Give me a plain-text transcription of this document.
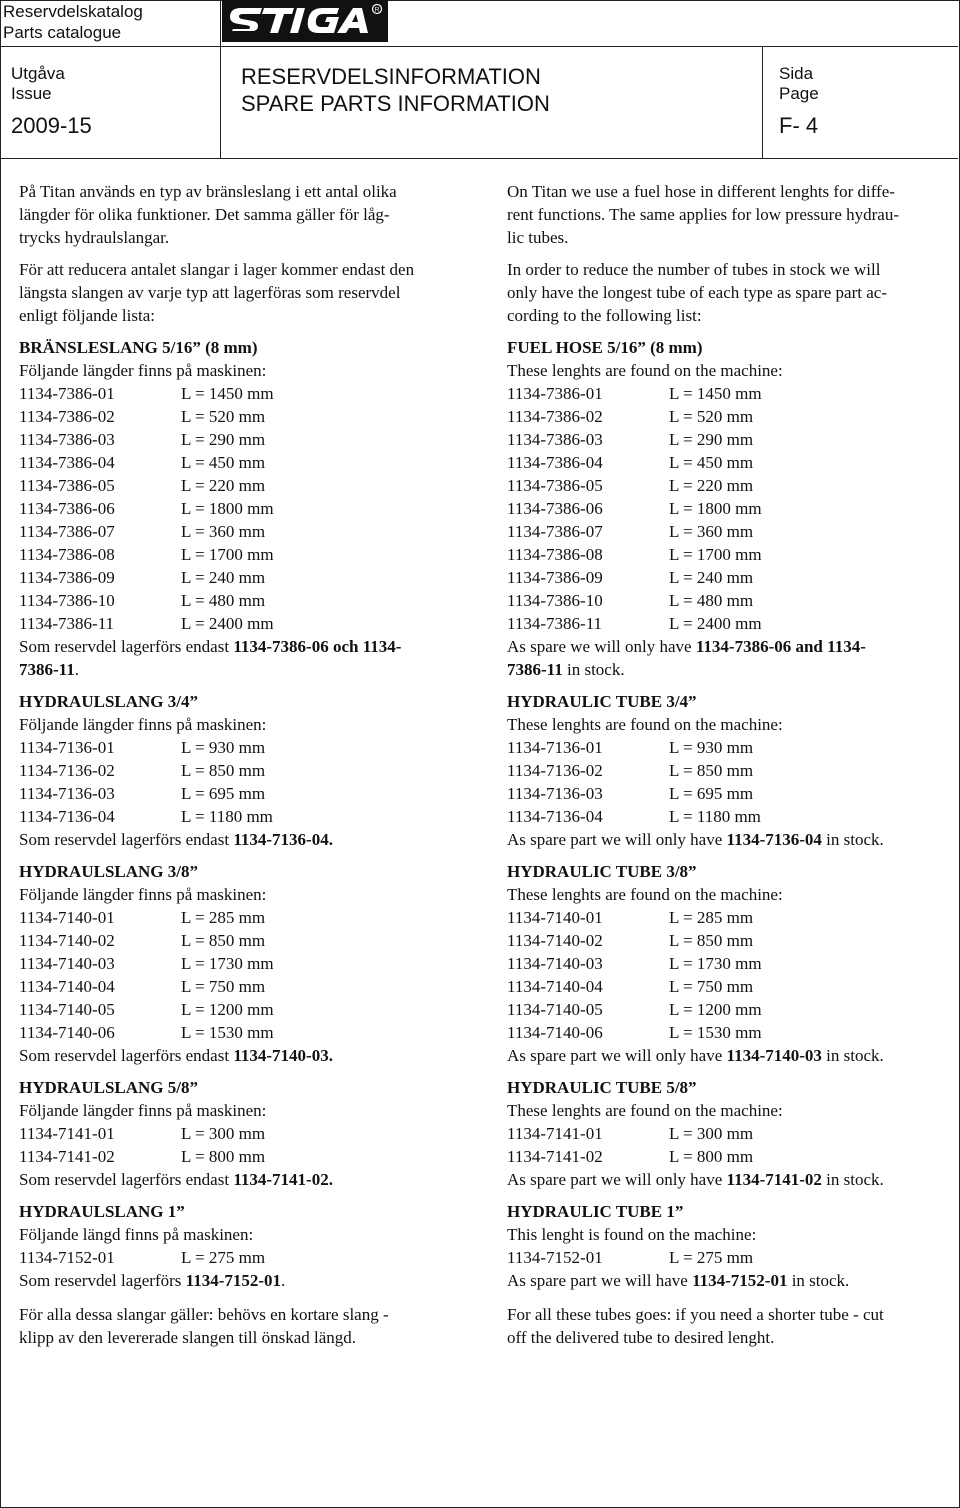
Reservdelskatalog
Parts catalogue
R
Utgåva
Issue
2009-15
RESERVDELSINFORMATION
SPARE PARTS INFORMATION
Sida
Page
F- 4

På Titan används en typ av bränsleslang i ett antal olika

längder för olika funktioner. Det samma gäller för låg-

trycks hydraulslangar.

För att reducera antalet slangar i lager kommer endast den

längsta slangen av varje typ att lagerföras som reservdel

enligt följande lista:

BRÄNSLESLANG 5/16” (8 mm)

Följande längder finns på maskinen:

1134-7386-01	L = 1450 mm
1134-7386-02	L = 520 mm
1134-7386-03	L = 290 mm
1134-7386-04	L = 450 mm
1134-7386-05	L = 220 mm
1134-7386-06	L = 1800 mm
1134-7386-07	L = 360 mm
1134-7386-08	L = 1700 mm
1134-7386-09	L = 240 mm
1134-7386-10	L = 480 mm
1134-7386-11	L = 2400 mm

Som reservdel lagerförs endast 1134-7386-06 och 1134-

7386-11.

HYDRAULSLANG 3/4”

Följande längder finns på maskinen:

1134-7136-01	L = 930 mm
1134-7136-02	L = 850 mm
1134-7136-03	L = 695 mm
1134-7136-04	L = 1180 mm

Som reservdel lagerförs endast 1134-7136-04.

HYDRAULSLANG 3/8”

Följande längder finns på maskinen:

1134-7140-01	L = 285 mm
1134-7140-02	L = 850 mm
1134-7140-03	L = 1730 mm
1134-7140-04	L = 750 mm
1134-7140-05	L = 1200 mm
1134-7140-06	L = 1530 mm

Som reservdel lagerförs endast 1134-7140-03.

HYDRAULSLANG 5/8”

Följande längder finns på maskinen:

1134-7141-01	L = 300 mm
1134-7141-02	L = 800 mm

Som reservdel lagerförs endast 1134-7141-02.

HYDRAULSLANG 1”

Följande längd finns på maskinen:

1134-7152-01	L = 275 mm

Som reservdel lagerförs 1134-7152-01.

För alla dessa slangar gäller: behövs en kortare slang -

klipp av den levererade slangen till önskad längd.

On Titan we use a fuel hose in different lenghts for diffe-

rent functions. The same applies for low pressure hydrau-

lic tubes.

In order to reduce the number of tubes in stock we will

only have the longest tube of each type as spare part ac-

cording to the following list:

FUEL HOSE 5/16” (8 mm)

These lenghts are found on the machine:

1134-7386-01	L = 1450 mm
1134-7386-02	L = 520 mm
1134-7386-03	L = 290 mm
1134-7386-04	L = 450 mm
1134-7386-05	L = 220 mm
1134-7386-06	L = 1800 mm
1134-7386-07	L = 360 mm
1134-7386-08	L = 1700 mm
1134-7386-09	L = 240 mm
1134-7386-10	L = 480 mm
1134-7386-11	L = 2400 mm

As spare we will only have 1134-7386-06 and 1134-

7386-11 in stock.

HYDRAULIC TUBE 3/4”

These lenghts are found on the machine:

1134-7136-01	L = 930 mm
1134-7136-02	L = 850 mm
1134-7136-03	L = 695 mm
1134-7136-04	L = 1180 mm

As spare part we will only have 1134-7136-04 in stock.

HYDRAULIC TUBE 3/8”

These lenghts are found on the machine:

1134-7140-01	L = 285 mm
1134-7140-02	L = 850 mm
1134-7140-03	L = 1730 mm
1134-7140-04	L = 750 mm
1134-7140-05	L = 1200 mm
1134-7140-06	L = 1530 mm

As spare part we will only have 1134-7140-03 in stock.

HYDRAULIC TUBE 5/8”

These lenghts are found on the machine:

1134-7141-01	L = 300 mm
1134-7141-02	L = 800 mm

As spare part we will only have 1134-7141-02 in stock.

HYDRAULIC TUBE 1”

This lenght is found on the machine:

1134-7152-01	L = 275 mm

As spare part we will have 1134-7152-01 in stock.

For all these tubes goes: if you need a shorter tube - cut

off the delivered tube to desired lenght.
